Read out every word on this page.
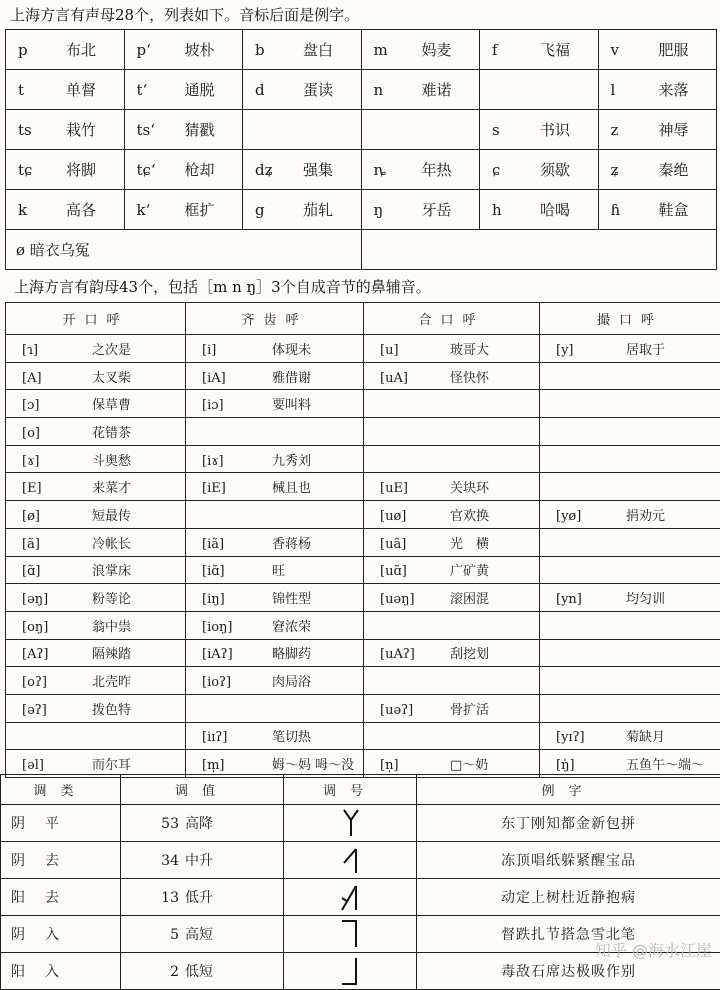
上海方言有声母28个，列表如下。音标后面是例字。
p 布北	pʻ 坡朴	b 盘白	m 妈麦	f 飞福	v 肥服
t 单督	tʻ 通脱	d 蛋读	n 难诺		l 来落
ts 栽竹	tsʻ 猜戳			s 书识	z 神辱
tɕ 将脚	tɕʻ 枪却	dʑ 强集	ȵ 年热	ɕ 须歇	ʑ 秦绝
k 高各	kʻ 框扩	g 茄轧	ŋ 牙岳	h 哈喝	ɦ 鞋盒
ø 暗衣乌冤					
上海方言有韵母43个，包括［m n ŋ］3个自成音节的鼻辅音。
开口呼	齐齿呼	合口呼	撮口呼
[ɿ] 之次是	[i] 体现未	[u] 玻哥大	[y] 居取于
[A] 太叉柴	[iA] 雅借谢	[uA] 怪快怀	
[ɔ] 保草曹	[iɔ] 要叫料		
[o] 花错茶			
[ɤ] 斗奥愁	[iɤ] 九秀刘		
[E] 来菜才	[iE] 械且也	[uE] 关块环	
[ø] 短最传		[uø] 官欢换	[yø] 捐劝元
[ã] 冷帐长	[iã] 香蒋杨	[uã] 光　横	
[ɑ̃] 浪掌床	[iɑ̃] 旺	[uɑ̃] 广矿黄	
[əŋ] 粉等论	[iŋ] 锦性型	[uəŋ] 滚困混	[yn] 均匀训
[oŋ] 翁中祟	[ioŋ] 窘浓荣		
[Aʔ] 隔辣踏	[iAʔ] 略脚药	[uAʔ] 刮挖划	
[oʔ] 北壳昨	[ioʔ] 肉局浴		
[əʔ] 拨色特		[uəʔ] 骨扩活	
	[iɪʔ] 笔切热		[yɪʔ] 菊缺月
[əl] 而尔耳	[m̩] 姆～妈 呣～没	[n̩] □～奶	[ŋ̍] 五鱼午～端～
调类	调值	调号	例字
阴平	53 高降		东丁刚知都金新包拼
阴去	34 中升		冻顶唱纸躲紧醒宝品
阳去	13 低升		动定上树杜近静抱病
阴入	5 高短		督跌扎节搭急雪北笔
阳入	2 低短		毒敌石席达极吸作别
知乎 @海水江崖
